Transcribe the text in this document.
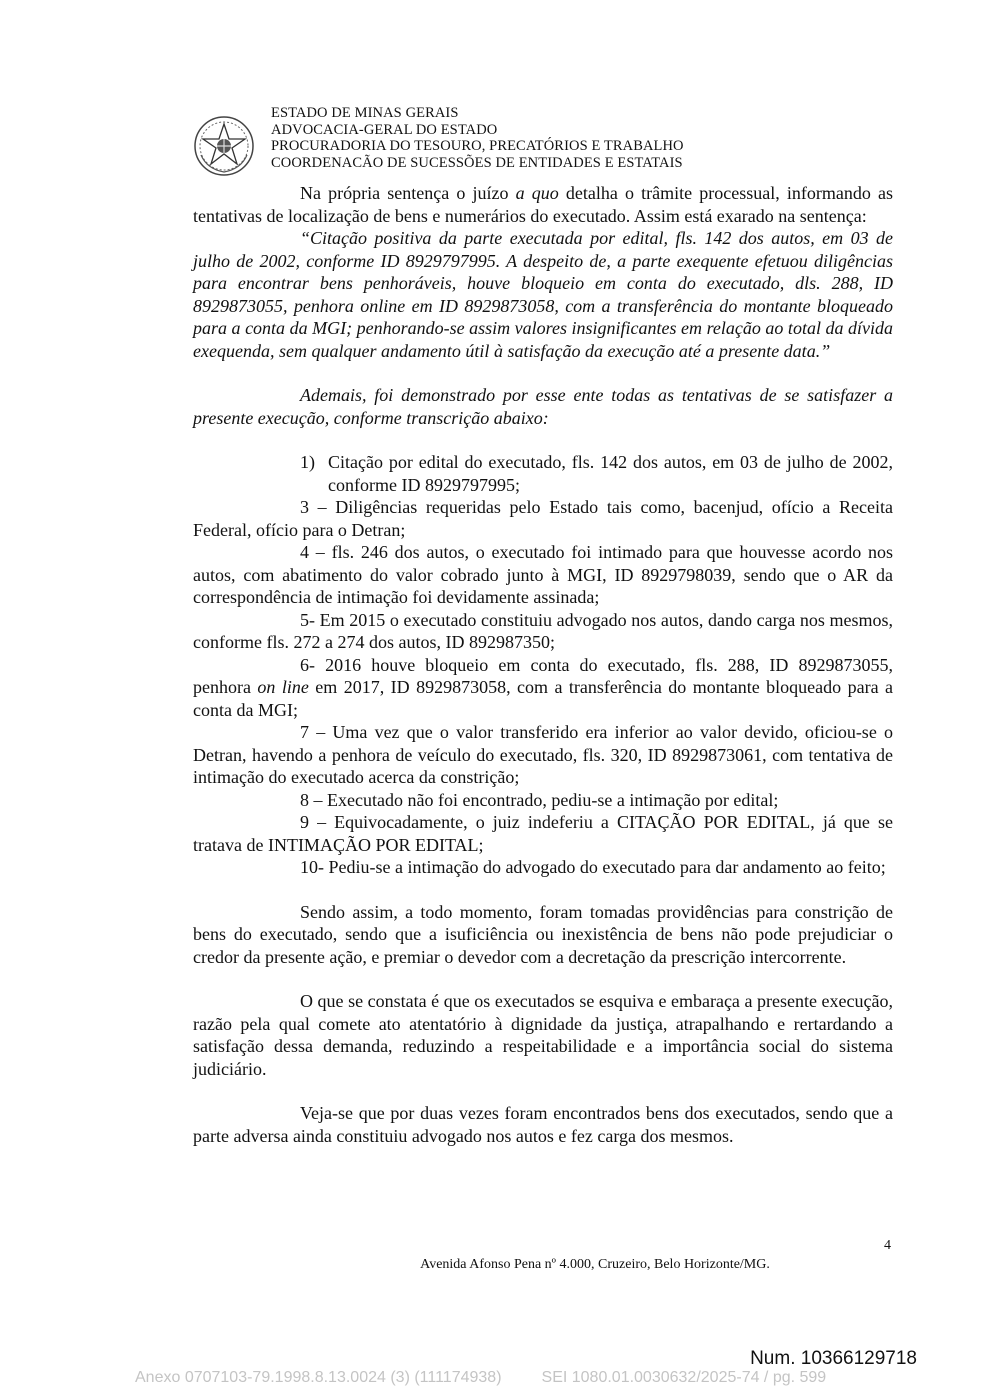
ESTADO DE MINAS GERAIS
ADVOCACIA-GERAL DO ESTADO
PROCURADORIA DO TESOURO, PRECATÓRIOS E TRABALHO
COORDENACÃO DE SUCESSÕES DE ENTIDADES E ESTATAIS

Na própria sentença o juízo a quo detalha o trâmite processual, informando as tentativas de localização de bens e numerários do executado. Assim está exarado na sentença:

“Citação positiva da parte executada por edital, fls. 142 dos autos, em 03 de julho de 2002, conforme ID 8929797995. A despeito de, a parte exequente efetuou diligências para encontrar bens penhoráveis, houve bloqueio em conta do executado, dls. 288, ID 8929873055, penhora online em ID 8929873058, com a transferência do montante bloqueado para a conta da MGI; penhorando-se assim valores insignificantes em relação ao total da dívida exequenda, sem qualquer andamento útil à satisfação da execução até a presente data.”

Ademais, foi demonstrado por esse ente todas as tentativas de se satisfazer a presente execução, conforme transcrição abaixo:

1) Citação por edital do executado, fls. 142 dos autos, em 03 de julho de 2002, conforme ID 8929797995;

3 – Diligências requeridas pelo Estado tais como, bacenjud, ofício a Receita Federal, ofício para o Detran;

4 – fls. 246 dos autos, o executado foi intimado para que houvesse acordo nos autos, com abatimento do valor cobrado junto à MGI, ID 8929798039, sendo que o AR da correspondência de intimação foi devidamente assinada;

5- Em 2015 o executado constituiu advogado nos autos, dando carga nos mesmos, conforme fls. 272 a 274 dos autos, ID 892987350;

6- 2016 houve bloqueio em conta do executado, fls. 288, ID 8929873055, penhora on line em 2017, ID 8929873058, com a transferência do montante bloqueado para a conta da MGI;

7 – Uma vez que o valor transferido era inferior ao valor devido, oficiou-se o Detran, havendo a penhora de veículo do executado, fls. 320, ID 8929873061, com tentativa de intimação do executado acerca da constrição;

8 – Executado não foi encontrado, pediu-se a intimação por edital;

9 – Equivocadamente, o juiz indeferiu a CITAÇÃO POR EDITAL, já que se tratava de INTIMAÇÃO POR EDITAL;

10- Pediu-se a intimação do advogado do executado para dar andamento ao feito;

Sendo assim, a todo momento, foram tomadas providências para constrição de bens do executado, sendo que a isuficiência ou inexistência de bens não pode prejudiciar o credor da presente ação, e premiar o devedor com a decretação da prescrição intercorrente.

O que se constata é que os executados se esquiva e embaraça a presente execução, razão pela qual comete ato atentatório à dignidade da justiça, atrapalhando e rertardando a satisfação dessa demanda, reduzindo a respeitabilidade e a importância social do sistema judiciário.

Veja-se que por duas vezes foram encontrados bens dos executados, sendo que a parte adversa ainda constituiu advogado nos autos e fez carga dos mesmos.

4
Avenida Afonso Pena nº 4.000, Cruzeiro, Belo Horizonte/MG.
Num. 10366129718
Anexo 0707103-79.1998.8.13.0024 (3) (111174938)	SEI 1080.01.0030632/2025-74 / pg. 599
